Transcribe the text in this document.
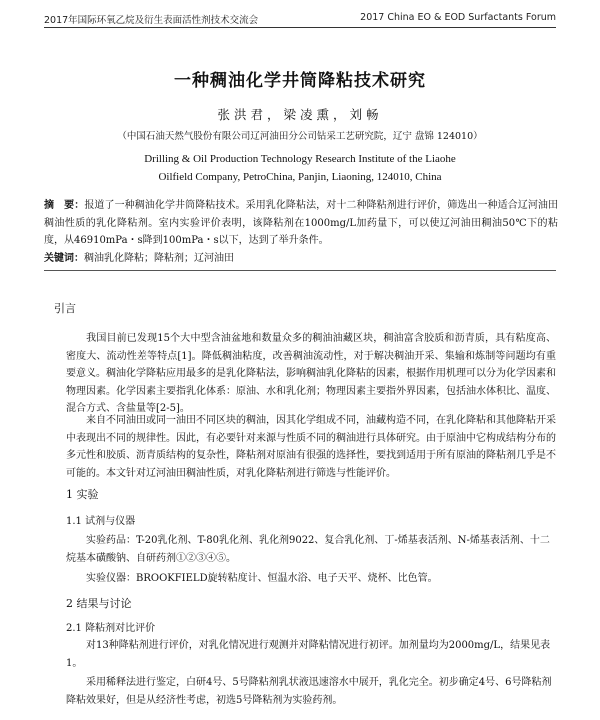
2017年国际环氧乙烷及衍生表面活性剂技术交流会	2017 China EO & EOD Surfactants Forum
一种稠油化学井筒降粘技术研究
张洪君，梁凌熏，刘畅
（中国石油天然气股份有限公司辽河油田分公司钻采工艺研究院，辽宁 盘锦 124010）
Drilling & Oil Production Technology Research Institute of the Liaohe
Oilfield Company, PetroChina, Panjin, Liaoning, 124010, China
摘　要：报道了一种稠油化学井筒降粘技术。采用乳化降粘法，对十二种降粘剂进行评价，筛选出一种适合辽河油田稠油性质的乳化降粘剂。室内实验评价表明，该降粘剂在1000mg/L加药量下，可以使辽河油田稠油50℃下的粘度，从46910mPa・s降到100mPa・s以下，达到了举升条件。
关键词：稠油乳化降粘；降粘剂；辽河油田
引言
我国目前已发现15个大中型含油盆地和数量众多的稠油油藏区块，稠油富含胶质和沥青质，具有粘度高、密度大、流动性差等特点[1]。降低稠油粘度，改善稠油流动性，对于解决稠油开采、集输和炼制等问题均有重要意义。稠油化学降粘应用最多的是乳化降粘法，影响稠油乳化降粘的因素，根据作用机理可以分为化学因素和物理因素。化学因素主要指乳化体系：原油、水和乳化剂；物理因素主要指外界因素，包括油水体积比、温度、混合方式、含盐量等[2-5]。
来自不同油田或同一油田不同区块的稠油，因其化学组成不同，油藏构造不同，在乳化降粘和其他降粘开采中表现出不同的规律性。因此，有必要针对来源与性质不同的稠油进行具体研究。由于原油中它构成结构分布的多元性和胶质、沥青质结构的复杂性，降粘剂对原油有很强的选择性，要找到适用于所有原油的降粘剂几乎是不可能的。本文针对辽河油田稠油性质，对乳化降粘剂进行筛选与性能评价。
1 实验
1.1 试剂与仪器
实验药品：T-20乳化剂、T-80乳化剂、乳化剂9022、复合乳化剂、丁-烯基表活剂、N-烯基表活剂、十二烷基本磺酸钠、自研药剂①②③④⑤。
实验仪器：BROOKFIELD旋转粘度计、恒温水浴、电子天平、烧杯、比色管。
2 结果与讨论
2.1 降粘剂对比评价
对13种降粘剂进行评价，对乳化情况进行观测并对降粘情况进行初评。加剂量均为2000mg/L，结果见表1。
采用稀释法进行鉴定，白研4号、5号降粘剂乳状液迅速溶水中展开，乳化完全。初步确定4号、6号降粘剂降粘效果好，但是从经济性考虑，初选5号降粘剂为实验药剂。
